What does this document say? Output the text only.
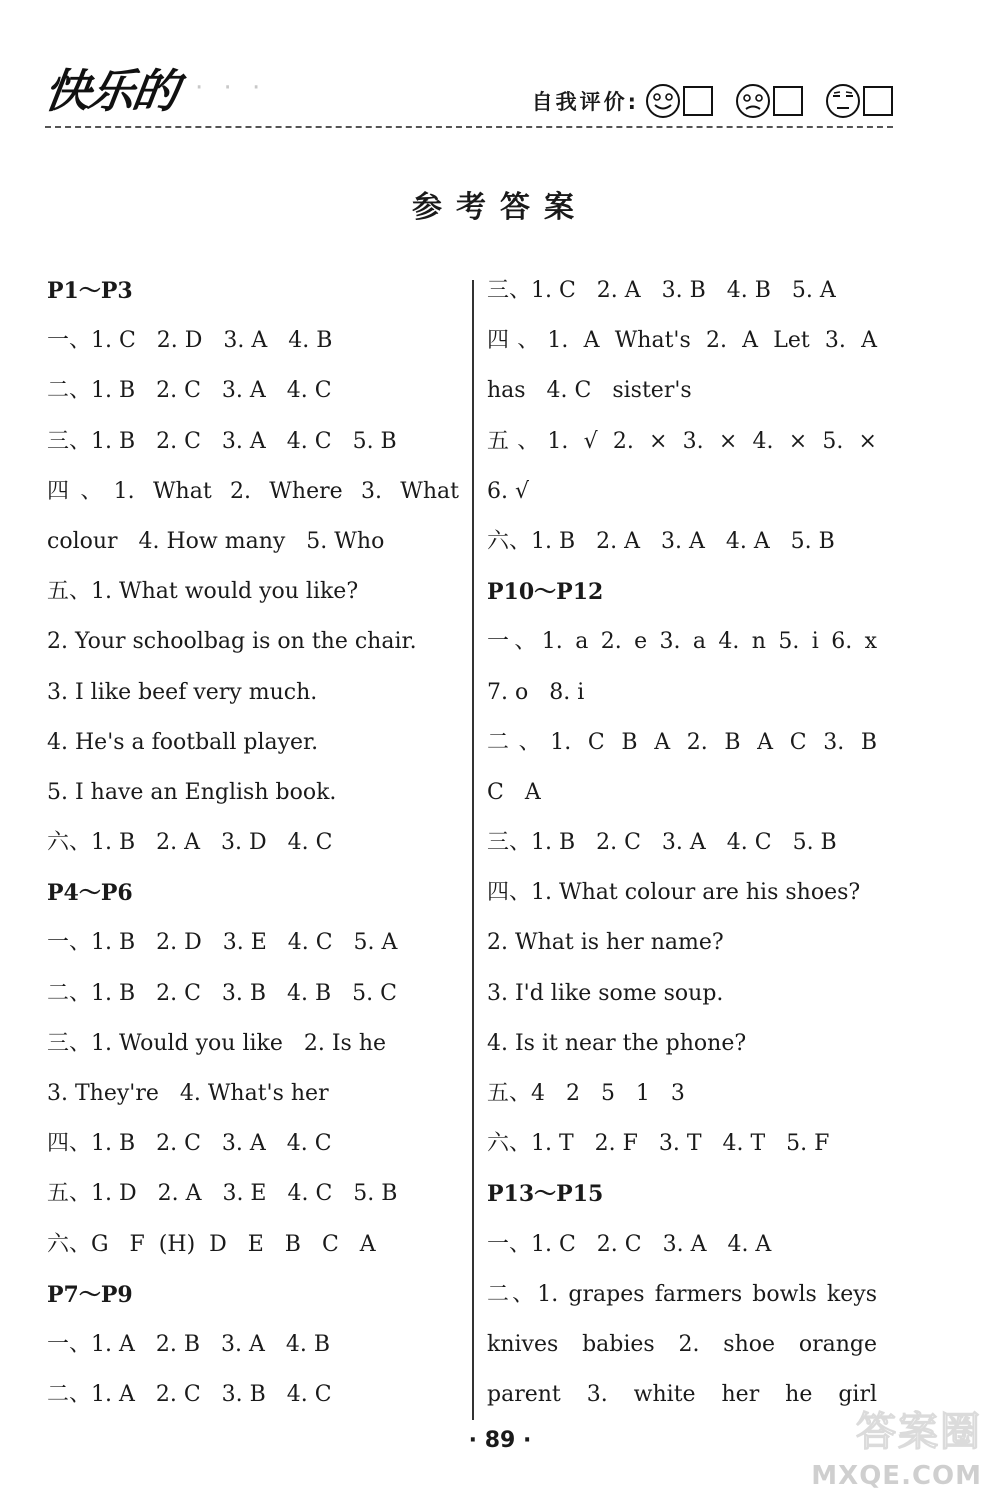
快乐的 · · ·	自我评价:
参考答案
P1～P3
一、1. C   2. D   3. A   4. B
二、1. B   2. C   3. A   4. C
三、1. B   2. C   3. A   4. C   5. B
四、1. What 2. Where 3. What
colour   4. How many   5. Who
五、1. What would you like?
2. Your schoolbag is on the chair.
3. I like beef very much.
4. He's a football player.
5. I have an English book.
六、1. B   2. A   3. D   4. C
P4～P6
一、1. B   2. D   3. E   4. C   5. A
二、1. B   2. C   3. B   4. B   5. C
三、1. Would you like   2. Is he
3. They're   4. What's her
四、1. B   2. C   3. A   4. C
五、1. D   2. A   3. E   4. C   5. B
六、G   F  (H)  D   E   B   C   A
P7～P9
一、1. A   2. B   3. A   4. B
二、1. A   2. C   3. B   4. C
三、1. C   2. A   3. B   4. B   5. A
四、1. A What's 2. A Let 3. A
has   4. C   sister's
五、1. √ 2. × 3. × 4. × 5. ×
6. √
六、1. B   2. A   3. A   4. A   5. B
P10～P12
一、1. a 2. e 3. a 4. n 5. i 6. x
7. o   8. i
二、1. C B A 2. B A C 3. B
C   A
三、1. B   2. C   3. A   4. C   5. B
四、1. What colour are his shoes?
2. What is her name?
3. I'd like some soup.
4. Is it near the phone?
五、4   2   5   1   3
六、1. T   2. F   3. T   4. T   5. F
P13～P15
一、1. C   2. C   3. A   4. A
二、1. grapes farmers bowls keys
knives babies 2. shoe orange
parent 3. white her he girl
· 89 ·	答案圈
MXQE.COM
